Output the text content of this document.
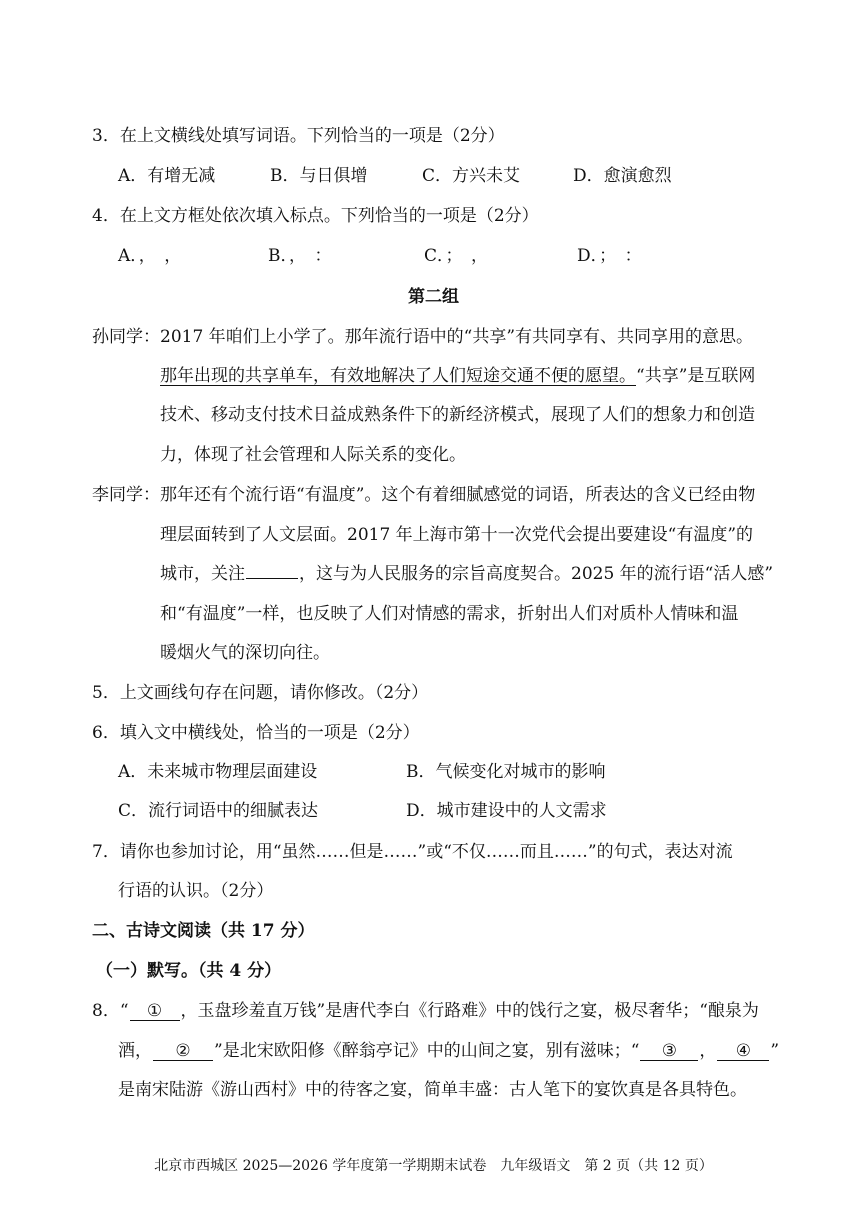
3．在上文横线处填写词语。下列恰当的一项是（2分）
A．有增无减	B．与日俱增	C．方兴未艾	D．愈演愈烈
4．在上文方框处依次填入标点。下列恰当的一项是（2分）
A．，　，	B．，　：	C．；　，	D．；　：
第二组
孙同学：2017 年咱们上小学了。那年流行语中的“共享”有共同享有、共同享用的意思。
那年出现的共享单车，有效地解决了人们短途交通不便的愿望。“共享”是互联网
技术、移动支付技术日益成熟条件下的新经济模式，展现了人们的想象力和创造
力，体现了社会管理和人际关系的变化。
李同学：那年还有个流行语“有温度”。这个有着细腻感觉的词语，所表达的含义已经由物
理层面转到了人文层面。2017 年上海市第十一次党代会提出要建设“有温度”的
城市，关注	，这与为人民服务的宗旨高度契合。2025 年的流行语“活人感”
和“有温度”一样，也反映了人们对情感的需求，折射出人们对质朴人情味和温
暖烟火气的深切向往。
5．上文画线句存在问题，请你修改。（2分）
6．填入文中横线处，恰当的一项是（2分）
A．未来城市物理层面建设	B．气候变化对城市的影响
C．流行词语中的细腻表达	D．城市建设中的人文需求
7．请你也参加讨论，用“虽然……但是……”或“不仅……而且……”的句式，表达对流
行语的认识。（2分）
二、古诗文阅读（共 17 分）
（一）默写。（共 4 分）
8．“ ① ，玉盘珍羞直万钱”是唐代李白《行路难》中的饯行之宴，极尽奢华；“酿泉为
酒， ② ”是北宋欧阳修《醉翁亭记》中的山间之宴，别有滋味；“ ③ ， ④ ”
是南宋陆游《游山西村》中的待客之宴，简单丰盛：古人笔下的宴饮真是各具特色。
北京市西城区 2025—2026 学年度第一学期期末试卷　九年级语文　第 2 页（共 12 页）
